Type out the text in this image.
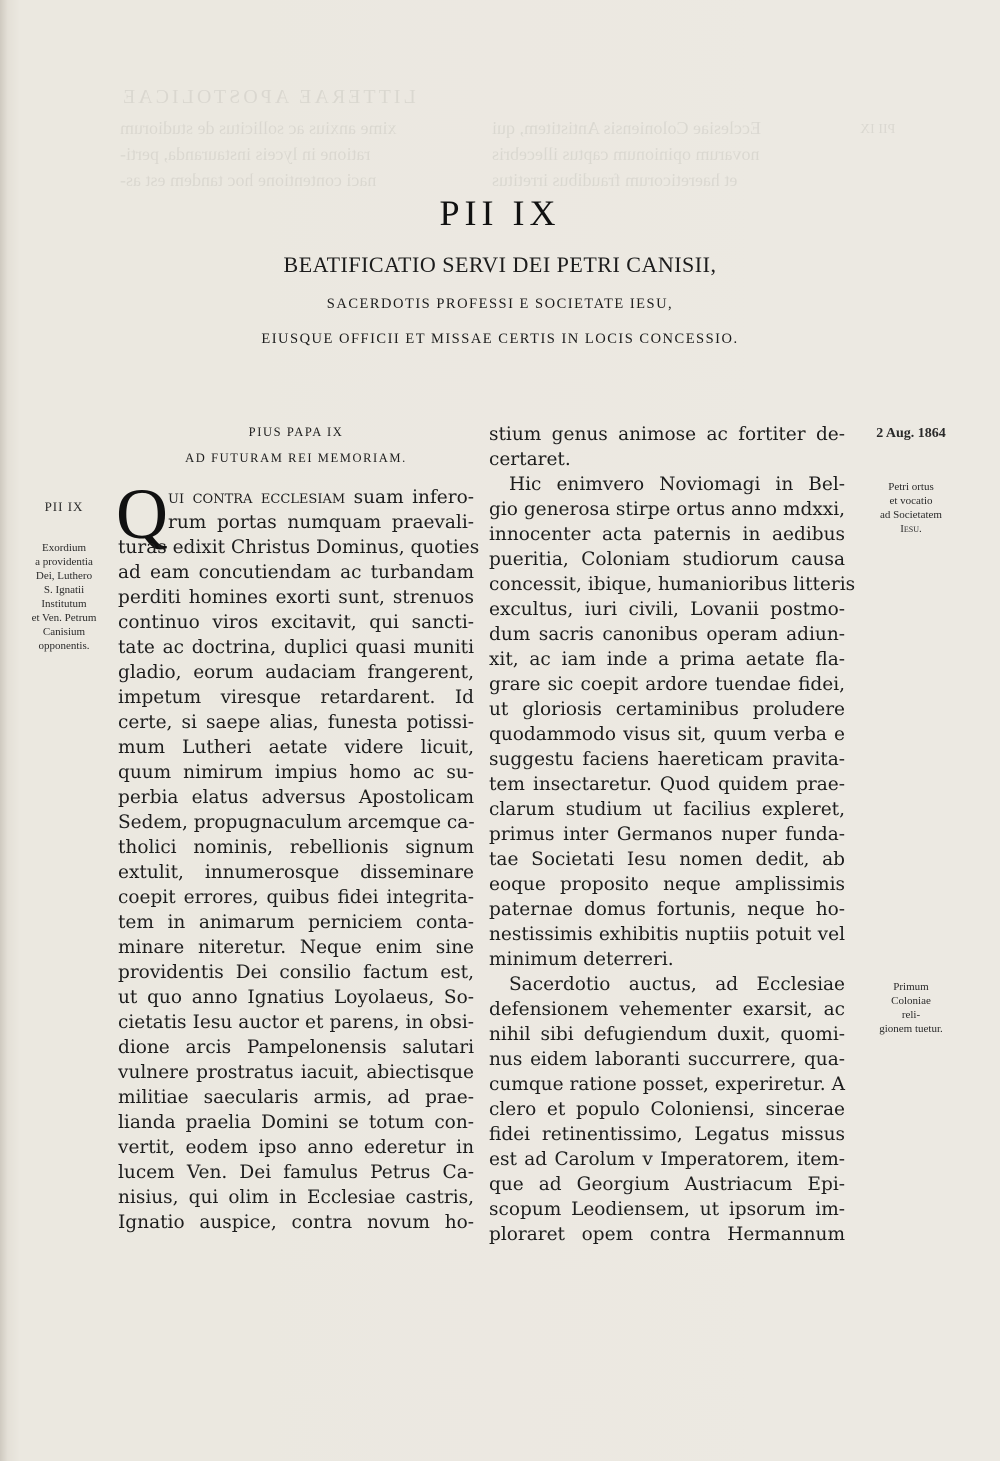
LITTERAE APOSTOLICAE
PII IX
Ecclesiae Coloniensis Antistitem, qui
novarum opinionum captus illecebris
et haereticorum fraudibus irretitus
xime anxius ac sollicitus de studiorum
ratione in lyceis instauranda, perti-
naci contentione hoc tandem est as-
PII IX
BEATIFICATIO SERVI DEI PETRI CANISII,
SACERDOTIS PROFESSI E SOCIETATE IESU,
EIUSQUE OFFICII ET MISSAE CERTIS IN LOCIS CONCESSIO.
PIUS PAPA IX
AD FUTURAM REI MEMORIAM.
Q ui contra ecclesiam suam infero-
rum portas numquam praevali-
turas edixit Christus Dominus, quoties
ad eam concutiendam ac turbandam
perditi homines exorti sunt, strenuos
continuo viros excitavit, qui sancti-
tate ac doctrina, duplici quasi muniti
gladio, eorum audaciam frangerent,
impetum viresque retardarent. Id
certe, si saepe alias, funesta potissi-
mum Lutheri aetate videre licuit,
quum nimirum impius homo ac su-
perbia elatus adversus Apostolicam
Sedem, propugnaculum arcemque ca-
tholici nominis, rebellionis signum
extulit, innumerosque disseminare
coepit errores, quibus fidei integrita-
tem in animarum perniciem conta-
minare niteretur. Neque enim sine
providentis Dei consilio factum est,
ut quo anno Ignatius Loyolaeus, So-
cietatis Iesu auctor et parens, in obsi-
dione arcis Pampelonensis salutari
vulnere prostratus iacuit, abiectisque
militiae saecularis armis, ad prae-
lianda praelia Domini se totum con-
vertit, eodem ipso anno ederetur in
lucem Ven. Dei famulus Petrus Ca-
nisius, qui olim in Ecclesiae castris,
Ignatio auspice, contra novum ho-
stium genus animose ac fortiter de-
certaret.
Hic enimvero Noviomagi in Bel-
gio generosa stirpe ortus anno mdxxi,
innocenter acta paternis in aedibus
pueritia, Coloniam studiorum causa
concessit, ibique, humanioribus litteris
excultus, iuri civili, Lovanii postmo-
dum sacris canonibus operam adiun-
xit, ac iam inde a prima aetate fla-
grare sic coepit ardore tuendae fidei,
ut gloriosis certaminibus proludere
quodammodo visus sit, quum verba e
suggestu faciens haereticam pravita-
tem insectaretur. Quod quidem prae-
clarum studium ut facilius expleret,
primus inter Germanos nuper funda-
tae Societati Iesu nomen dedit, ab
eoque proposito neque amplissimis
paternae domus fortunis, neque ho-
nestissimis exhibitis nuptiis potuit vel
minimum deterreri.
Sacerdotio auctus, ad Ecclesiae
defensionem vehementer exarsit, ac
nihil sibi defugiendum duxit, quomi-
nus eidem laboranti succurrere, qua-
cumque ratione posset, experiretur. A
clero et populo Coloniensi, sincerae
fidei retinentissimo, Legatus missus
est ad Carolum v Imperatorem, item-
que ad Georgium Austriacum Epi-
scopum Leodiensem, ut ipsorum im-
ploraret opem contra Hermannum
PII IX
Exordium
a providentia
Dei, Luthero
S. Ignatii
Institutum
et Ven. Petrum
Canisium
opponentis.
2 Aug. 1864
Petri ortus
et vocatio
ad Societatem
Iesu.
Primum
Coloniae
reli-
gionem tuetur.
